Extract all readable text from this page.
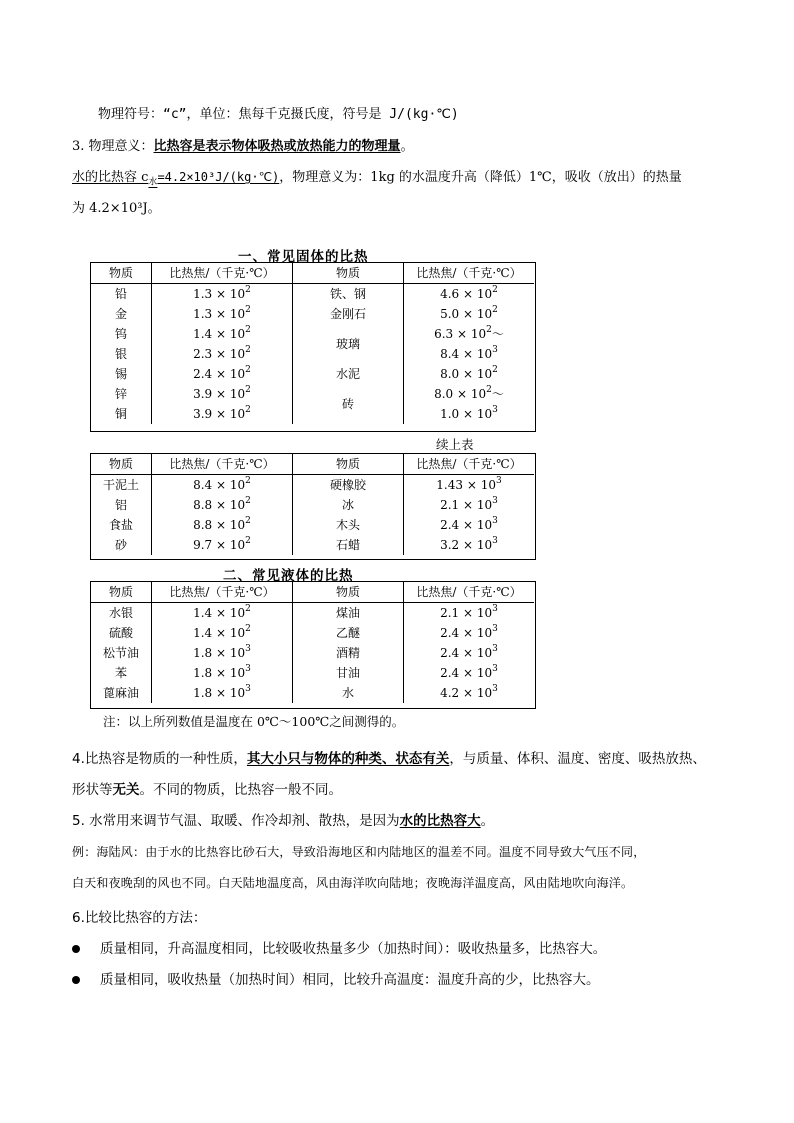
物理符号：“c”，单位：焦每千克摄氏度，符号是 J/(kg·℃)
3. 物理意义：比热容是表示物体吸热或放热能力的物理量。
水的比热容 $c_水=4.2\times 10^3J/(kg\cdot℃)$，物理意义为：1kg 的水温度升高（降低）1℃，吸收（放出）的热量
为 4.2×10³J。
一、常见固体的比热
物质	比热焦/（千克·℃）	物质	比热焦/（千克·℃）
铅	$1.3 \times 10^2$	铁、钢	$4.6 \times 10^2$
金	$1.3 \times 10^2$	金刚石	$5.0 \times 10^2$
钨	$1.4 \times 10^2$	玻璃	$6.3 \times 10^2\sim$
银	$2.3 \times 10^2$		$8.4 \times 10^3$
锡	$2.4 \times 10^2$	水泥	$8.0 \times 10^2$
锌	$3.9 \times 10^2$	砖	$8.0 \times 10^2\sim$
铜	$3.9 \times 10^2$		$1.0 \times 10^3$
续上表
物质	比热焦/（千克·℃）	物质	比热焦/（千克·℃）
干泥土	$8.4 \times 10^2$	硬橡胶	$1.43 \times 10^3$
铝	$8.8 \times 10^2$	冰	$2.1 \times 10^3$
食盐	$8.8 \times 10^2$	木头	$2.4 \times 10^3$
砂	$9.7 \times 10^2$	石蜡	$3.2 \times 10^3$
二、常见液体的比热
物质	比热焦/（千克·℃）	物质	比热焦/（千克·℃）
水银	$1.4 \times 10^2$	煤油	$2.1 \times 10^3$
硫酸	$1.4 \times 10^2$	乙醚	$2.4 \times 10^3$
松节油	$1.8 \times 10^3$	酒精	$2.4 \times 10^3$
苯	$1.8 \times 10^3$	甘油	$2.4 \times 10^3$
蓖麻油	$1.8 \times 10^3$	水	$4.2 \times 10^3$
注：以上所列数值是温度在 0℃～100℃之间测得的。
4.比热容是物质的一种性质，其大小只与物体的种类、状态有关，与质量、体积、温度、密度、吸热放热、
形状等无关。不同的物质，比热容一般不同。
5. 水常用来调节气温、取暖、作冷却剂、散热，是因为水的比热容大。
例：海陆风：由于水的比热容比砂石大，导致沿海地区和内陆地区的温差不同。温度不同导致大气压不同，
白天和夜晚刮的风也不同。白天陆地温度高，风由海洋吹向陆地；夜晚海洋温度高，风由陆地吹向海洋。
6.比较比热容的方法：
质量相同，升高温度相同，比较吸收热量多少（加热时间）：吸收热量多，比热容大。
质量相同，吸收热量（加热时间）相同，比较升高温度：温度升高的少，比热容大。
